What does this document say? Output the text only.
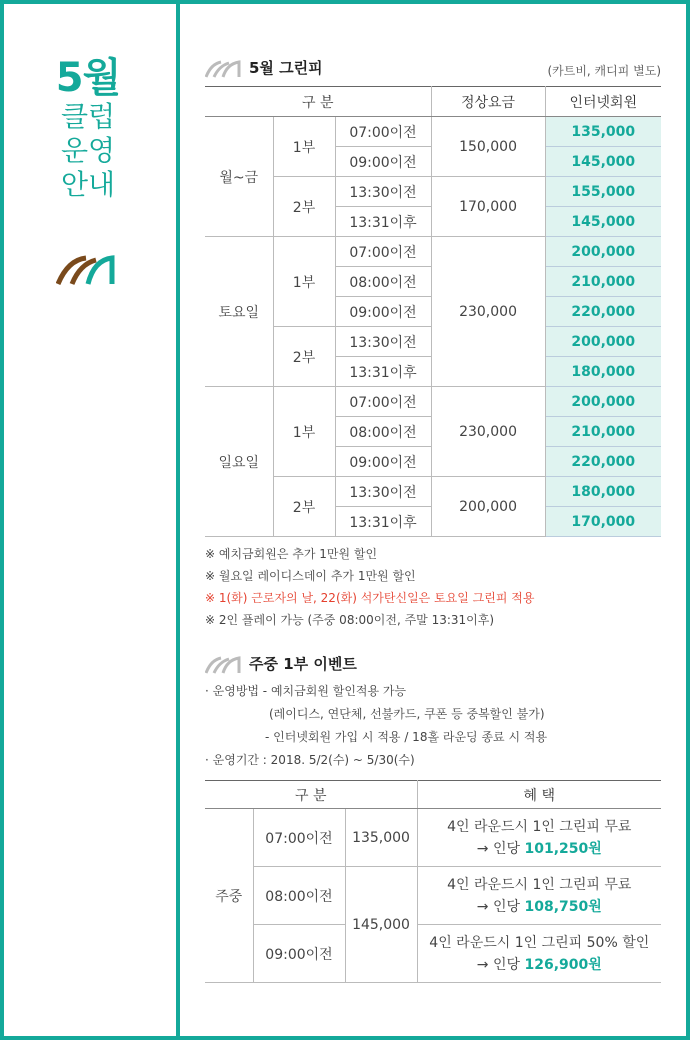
5월
클럽
운영
안내
5월 그린피	(카트비, 캐디피 별도)
구 분			정상요금	인터넷회원
월~금	1부	07:00이전	150,000	135,000
		09:00이전		145,000
	2부	13:30이전	170,000	155,000
		13:31이후		145,000
토요일	1부	07:00이전	230,000	200,000
		08:00이전		210,000
		09:00이전		220,000
	2부	13:30이전		200,000
		13:31이후		180,000
일요일	1부	07:00이전	230,000	200,000
		08:00이전		210,000
		09:00이전		220,000
	2부	13:30이전	200,000	180,000
		13:31이후		170,000
※ 예치금회원은 추가 1만원 할인
※ 월요일 레이디스데이 추가 1만원 할인
※ 1(화) 근로자의 날, 22(화) 석가탄신일은 토요일 그린피 적용
※ 2인 플레이 가능 (주중 08:00이전, 주말 13:31이후)
주중 1부 이벤트
· 운영방법 - 예치금회원 할인적용 가능
(레이디스, 연단체, 선불카드, 쿠폰 등 중복할인 불가)
- 인터넷회원 가입 시 적용 / 18홀 라운딩 종료 시 적용
· 운영기간 : 2018. 5/2(수) ~ 5/30(수)
구 분			혜 택
주중	07:00이전	135,000	4인 라운드시 1인 그린피 무료
→ 인당 101,250원

	08:00이전	145,000	4인 라운드시 1인 그린피 무료
→ 인당 108,750원

	09:00이전		4인 라운드시 1인 그린피 50% 할인
→ 인당 126,900원
